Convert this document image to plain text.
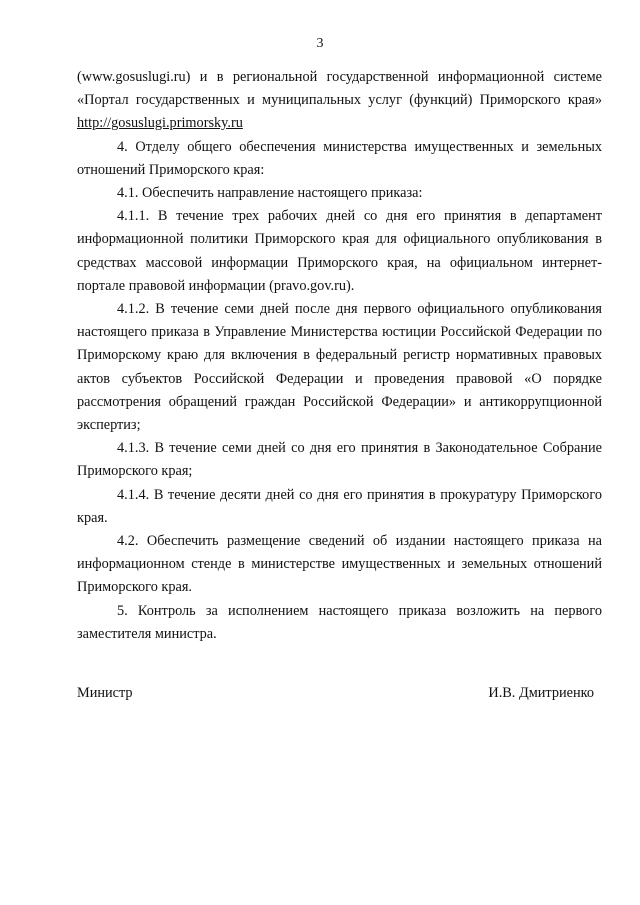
3

(www.gosuslugi.ru) и в региональной государственной информационной системе «Портал государственных и муниципальных услуг (функций) Приморского края» http://gosuslugi.primorsky.ru

4. Отделу общего обеспечения министерства имущественных и земельных отношений Приморского края:

4.1. Обеспечить направление настоящего приказа:

4.1.1. В течение трех рабочих дней со дня его принятия в департамент информационной политики Приморского края для официального опубликования в средствах массовой информации Приморского края, на официальном интернет-портале правовой информации (pravo.gov.ru).

4.1.2. В течение семи дней после дня первого официального опубликования настоящего приказа в Управление Министерства юстиции Российской Федерации по Приморскому краю для включения в федеральный регистр нормативных правовых актов субъектов Российской Федерации и проведения правовой «О порядке рассмотрения обращений граждан Российской Федерации» и антикоррупционной экспертиз;

4.1.3. В течение семи дней со дня его принятия в Законодательное Собрание Приморского края;

4.1.4. В течение десяти дней со дня его принятия в прокуратуру Приморского края.

4.2. Обеспечить размещение сведений об издании настоящего приказа на информационном стенде в министерстве имущественных и земельных отношений Приморского края.

5. Контроль за исполнением настоящего приказа возложить на первого заместителя министра.

Министр	И.В. Дмитриенко
